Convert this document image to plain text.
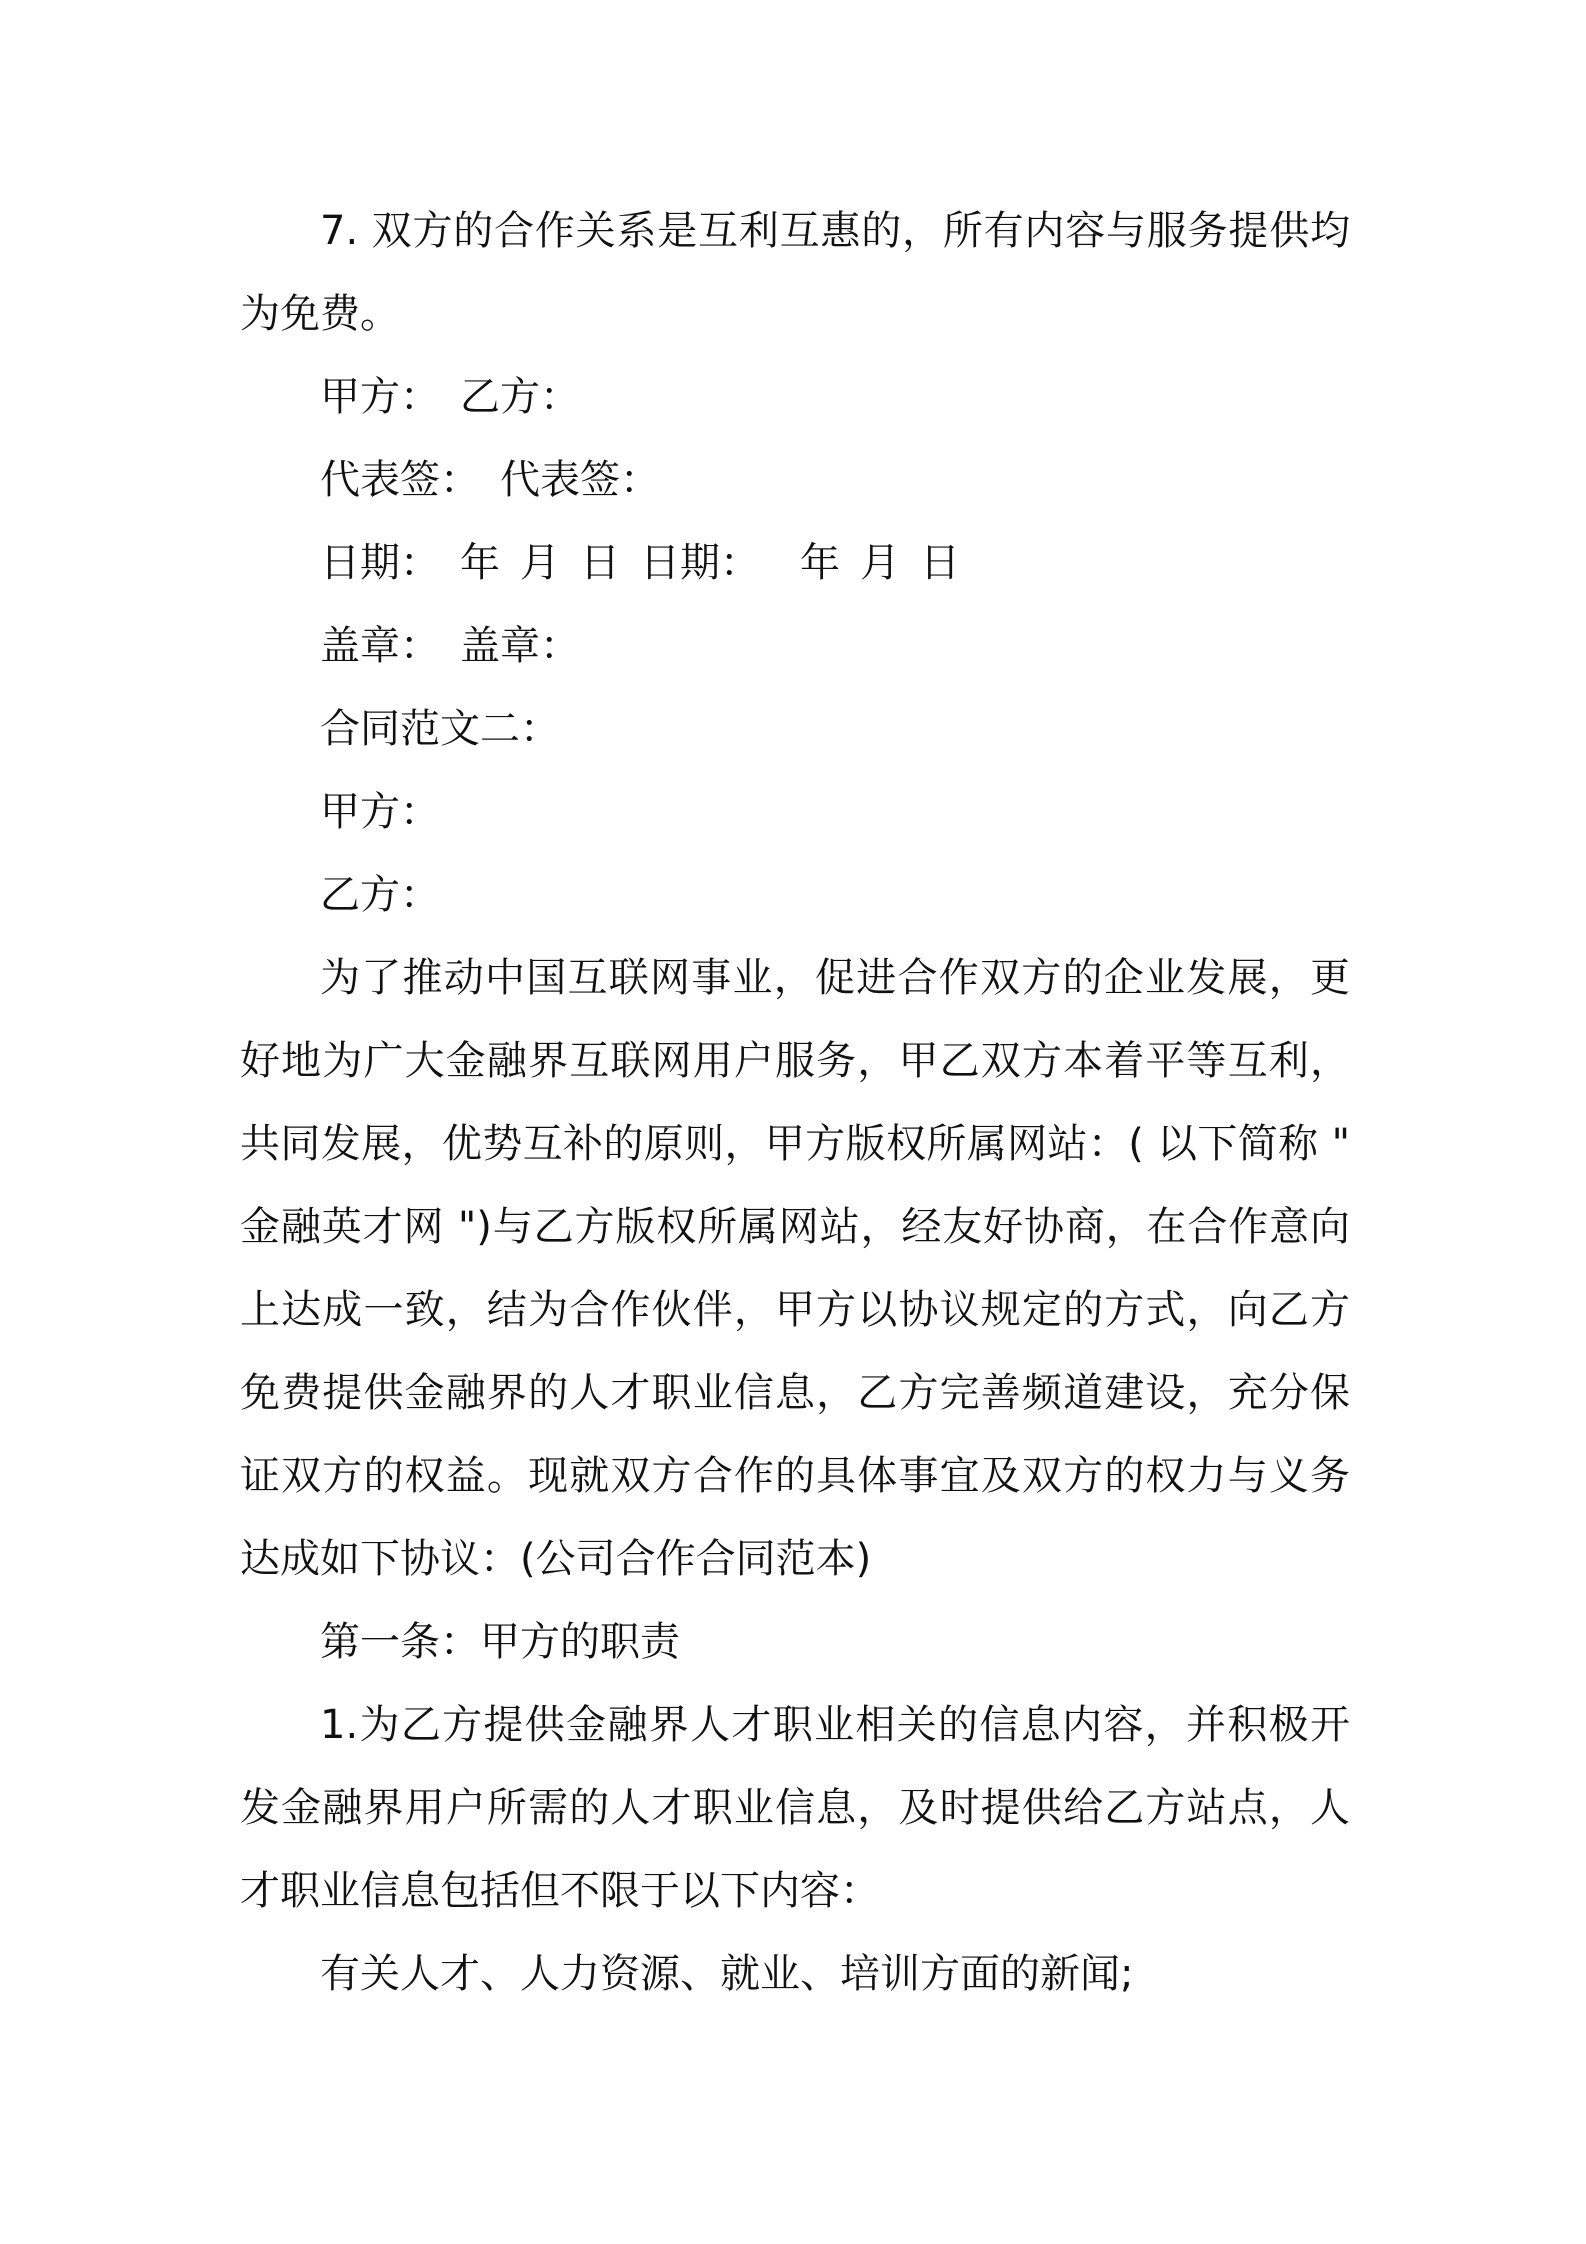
7. 双方的合作关系是互利互惠的，所有内容与服务提供均为免费。

甲方： 乙方：

代表签： 代表签：

日期： 年 月 日 日期： 年 月 日

盖章： 盖章：

合同范文二：

甲方：

乙方：

为了推动中国互联网事业，促进合作双方的企业发展，更好地为广大金融界互联网用户服务，甲乙双方本着平等互利，共同发展，优势互补的原则，甲方版权所属网站：( 以下简称 " 金融英才网 ")与乙方版权所属网站，经友好协商，在合作意向上达成一致，结为合作伙伴，甲方以协议规定的方式，向乙方免费提供金融界的人才职业信息，乙方完善频道建设，充分保证双方的权益。现就双方合作的具体事宜及双方的权力与义务达成如下协议：(公司合作合同范本)

第一条：甲方的职责

1.为乙方提供金融界人才职业相关的信息内容，并积极开发金融界用户所需的人才职业信息，及时提供给乙方站点，人才职业信息包括但不限于以下内容：

有关人才、人力资源、就业、培训方面的新闻;
